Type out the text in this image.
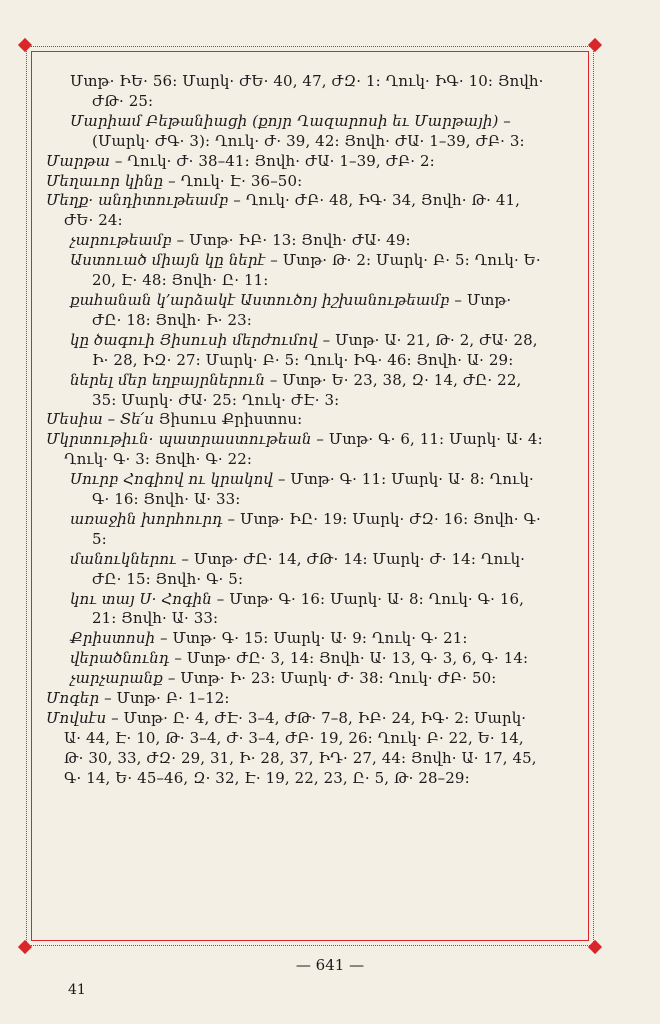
Մտթ· ԻԵ· 56: Մարկ· ԺԵ· 40, 47, ԺԶ· 1: Ղուկ· ԻԳ· 10: Յովh· ԺԹ· 25:

Մարիամ Բեթանիացի (քոյր Ղազարոսի եւ Մարթայի) – (Մարկ· ԺԳ· 3): Ղուկ· Ժ· 39, 42: Յովh· ԺԱ· 1–39, ԺԲ· 3:

Մարթա – Ղուկ· Ժ· 38–41: Յովh· ԺԱ· 1–39, ԺԲ· 2:

Մեղաւոր կինը – Ղուկ· Է· 36–50:

Մեղք· անդիտութեամբ – Ղուկ· ԺԲ· 48, ԻԳ· 34, Յովh· Թ· 41, ԺԵ· 24:

չարութեամբ – Մտթ· ԻԲ· 13: Յովh· ԺԱ· 49:

Աստուած միայն կը ներէ – Մտթ· Թ· 2: Մարկ· Բ· 5: Ղուկ· Ե· 20, Է· 48: Յովh· Ը· 11:

քահանան կ՚արձակէ Աստուծոյ իշխանութեամբ – Մտթ· ԺԸ· 18: Յովh· Ի· 23:

կը ծագուի Յիսուսի մերժումով – Մտթ· Ա· 21, Թ· 2, ԺԱ· 28, Ի· 28, ԻԶ· 27: Մարկ· Բ· 5: Ղուկ· ԻԳ· 46: Յովh· Ա· 29:

ներել մեր եղբայրներուն – Մտթ· Ե· 23, 38, Զ· 14, ԺԸ· 22, 35: Մարկ· ԺԱ· 25: Ղուկ· ԺԷ· 3:

Մեսիա – Տե՛ս Յիսուս Քրիստոս:

Մկրտութիւն· պատրաստութեան – Մտթ· Գ· 6, 11: Մարկ· Ա· 4: Ղուկ· Գ· 3: Յովh· Գ· 22:

Սուրբ Հոգիով ու կրակով – Մտթ· Գ· 11: Մարկ· Ա· 8: Ղուկ· Գ· 16: Յովh· Ա· 33:

առաջին խորհուրդ – Մտթ· ԻԸ· 19: Մարկ· ԺԶ· 16: Յովh· Գ· 5:

մանուկներու – Մտթ· ԺԸ· 14, ԺԹ· 14: Մարկ· Ժ· 14: Ղուկ· ԺԸ· 15: Յովh· Գ· 5:

կու տայ Ս· Հոգին – Մտթ· Գ· 16: Մարկ· Ա· 8: Ղուկ· Գ· 16, 21: Յովh· Ա· 33:

Քրիստոսի – Մտթ· Գ· 15: Մարկ· Ա· 9: Ղուկ· Գ· 21:

վերածնունդ – Մտթ· ԺԸ· 3, 14: Յովh· Ա· 13, Գ· 3, 6, Գ· 14:

չարչարանք – Մտթ· Ի· 23: Մարկ· Ժ· 38: Ղուկ· ԺԲ· 50:

Մոգեր – Մտթ· Բ· 1–12:

Մովսէս – Մտթ· Ը· 4, ԺԷ· 3–4, ԺԹ· 7–8, ԻԲ· 24, ԻԳ· 2: Մարկ· Ա· 44, Է· 10, Թ· 3–4, Ժ· 3–4, ԺԲ· 19, 26: Ղուկ· Բ· 22, Ե· 14, Թ· 30, 33, ԺԶ· 29, 31, Ի· 28, 37, ԻԴ· 27, 44: Յովh· Ա· 17, 45, Գ· 14, Ե· 45–46, Զ· 32, Է· 19, 22, 23, Ը· 5, Թ· 28–29:

— 641 —
41
